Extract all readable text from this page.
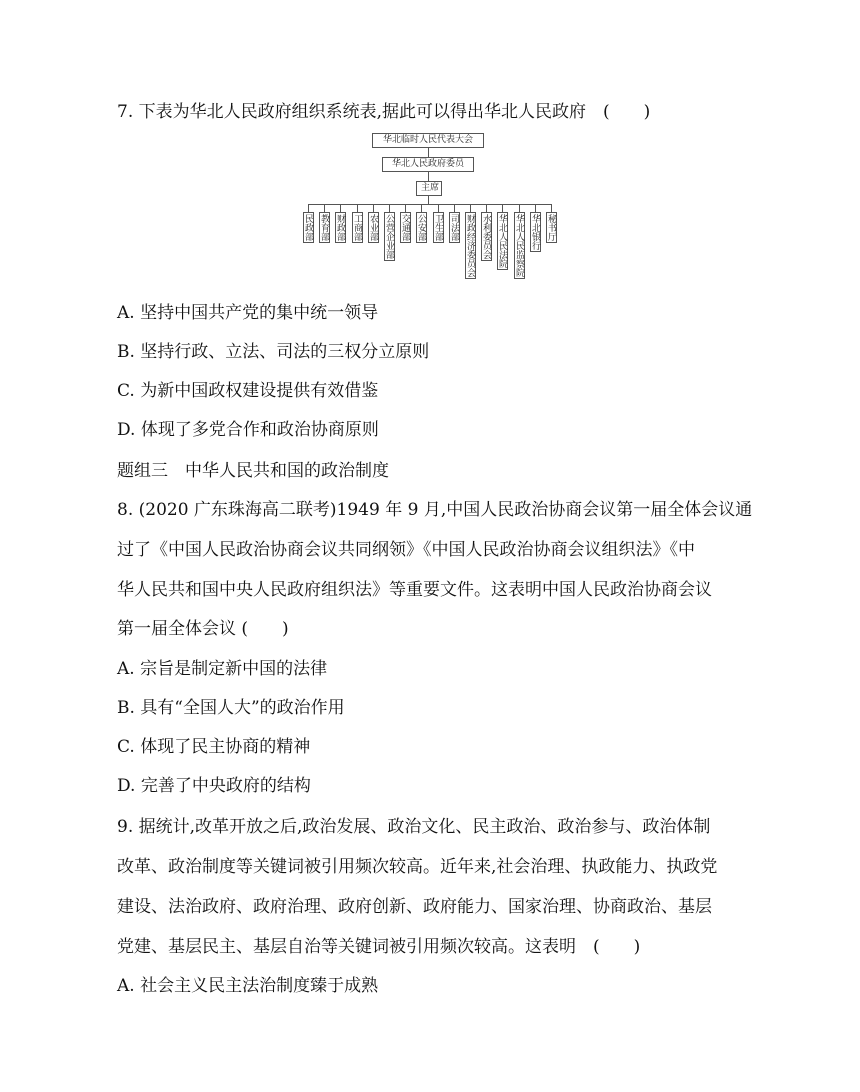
7. 下表为华北人民政府组织系统表,据此可以得出华北人民政府　(　　)
华北临时人民代表大会
华北人民政府委员
主席
民政部 教育部 财政部 工商部 农业部 公营企业部 交通部 公安部 卫生部 司法部 财政经济委员会 水利委员会 华北人民法院 华北人民监察院 华北银行 秘书厅
A. 坚持中国共产党的集中统一领导
B. 坚持行政、立法、司法的三权分立原则
C. 为新中国政权建设提供有效借鉴
D. 体现了多党合作和政治协商原则
题组三　中华人民共和国的政治制度
8. (2020 广东珠海高二联考)1949 年 9 月,中国人民政治协商会议第一届全体会议通
过了《中国人民政治协商会议共同纲领》《中国人民政治协商会议组织法》《中
华人民共和国中央人民政府组织法》等重要文件。这表明中国人民政治协商会议
第一届全体会议 (　　)
A. 宗旨是制定新中国的法律
B. 具有“全国人大”的政治作用
C. 体现了民主协商的精神
D. 完善了中央政府的结构
9. 据统计,改革开放之后,政治发展、政治文化、民主政治、政治参与、政治体制
改革、政治制度等关键词被引用频次较高。近年来,社会治理、执政能力、执政党
建设、法治政府、政府治理、政府创新、政府能力、国家治理、协商政治、基层
党建、基层民主、基层自治等关键词被引用频次较高。这表明　(　　)
A. 社会主义民主法治制度臻于成熟
